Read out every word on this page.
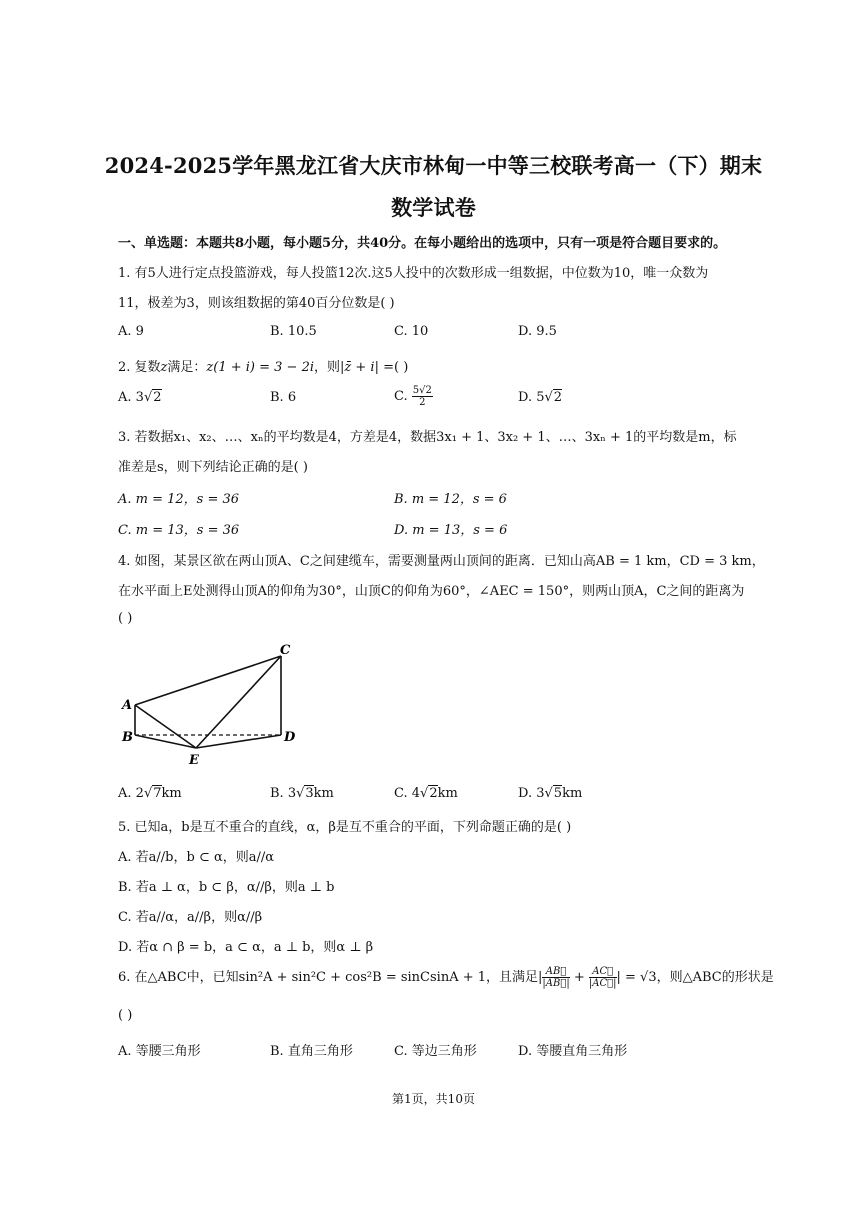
2024-2025学年黑龙江省大庆市林甸一中等三校联考高一（下）期末
数学试卷
一、单选题：本题共8小题，每小题5分，共40分。在每小题给出的选项中，只有一项是符合题目要求的。
1. 有5人进行定点投篮游戏，每人投篮12次.这5人投中的次数形成一组数据，中位数为10，唯一众数为
11，极差为3，则该组数据的第40百分位数是( )
A. 9	B. 10.5	C. 10	D. 9.5
2. 复数z满足：z(1 + i) = 3 − 2i，则|z̄ + i| =( )
A. 3√2	B. 6	C. $\frac{5√2}{2}$	D. 5√2
3. 若数据x₁、x₂、…、xₙ的平均数是4，方差是4，数据3x₁ + 1、3x₂ + 1、…、3xₙ + 1的平均数是m，标
准差是s，则下列结论正确的是( )
A. m = 12，s = 36	B. m = 12，s = 6
C. m = 13，s = 36	D. m = 13，s = 6
4. 如图，某景区欲在两山顶A、C之间建缆车，需要测量两山顶间的距离．已知山高AB = 1 km，CD = 3 km，
在水平面上E处测得山顶A的仰角为30°，山顶C的仰角为60°，∠AEC = 150°，则两山顶A，C之间的距离为
( )
A
B
C
D
E
A. 2√7km	B. 3√3km	C. 4√2km	D. 3√5km
5. 已知a，b是互不重合的直线，α，β是互不重合的平面，下列命题正确的是( )
A. 若a//b，b ⊂ α，则a//α
B. 若a ⊥ α，b ⊂ β，α//β，则a ⊥ b
C. 若a//α，a//β，则α//β
D. 若α ∩ β = b，a ⊂ α，a ⊥ b，则α ⊥ β
6. 在△ABC中，已知sin²A + sin²C + cos²B = sinCsinA + 1，且满足| $\frac{AB⃗}{|AB⃗|} + \frac{AC⃗}{|AC⃗|}$ | = √3，则△ABC的形状是
( )
A. 等腰三角形	B. 直角三角形	C. 等边三角形	D. 等腰直角三角形
第1页，共10页
